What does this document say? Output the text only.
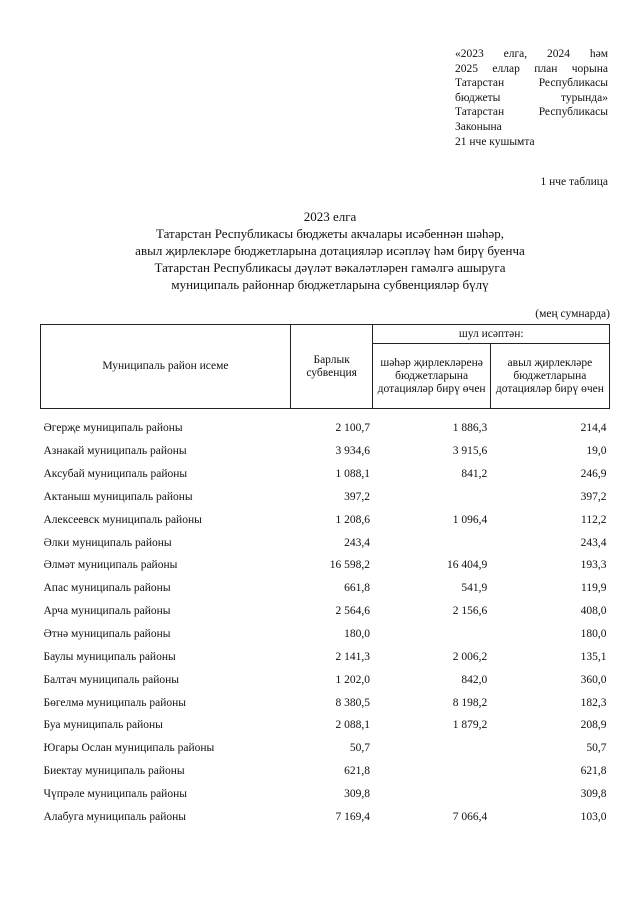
«2023 елга, 2024 һәм
2025 еллар план чорына
Татарстан Республикасы
бюджеты турында»
Татарстан Республикасы
Законына
21 нче кушымта
1 нче таблица
2023 елга
Татарстан Республикасы бюджеты акчалары исәбеннән шәһәр,
авыл җирлекләре бюджетларына дотацияләр исәпләү һәм бирү буенча
Татарстан Республикасы дәүләт вәкаләтләрен гамәлгә ашыруга
муниципаль районнар бюджетларына субвенцияләр бүлү
(мең сумнарда)
Муниципаль район исеме	Барлык субвенция	шул исәптән:	
		шәһәр җирлекләренә бюджетларына дотацияләр бирү өчен	авыл җирлекләре бюджетларына дотацияләр бирү өчен

Әгерҗе муниципаль районы	2 100,7	1 886,3	214,4
Азнакай муниципаль районы	3 934,6	3 915,6	19,0
Аксубай муниципаль районы	1 088,1	841,2	246,9
Актаныш муниципаль районы	397,2		397,2
Алексеевск муниципаль районы	1 208,6	1 096,4	112,2
Әлки муниципаль районы	243,4		243,4
Әлмәт муниципаль районы	16 598,2	16 404,9	193,3
Апас муниципаль районы	661,8	541,9	119,9
Арча муниципаль районы	2 564,6	2 156,6	408,0
Әтнә муниципаль районы	180,0		180,0
Баулы муниципаль районы	2 141,3	2 006,2	135,1
Балтач муниципаль районы	1 202,0	842,0	360,0
Бөгелмә муниципаль районы	8 380,5	8 198,2	182,3
Буа муниципаль районы	2 088,1	1 879,2	208,9
Югары Ослан муниципаль районы	50,7		50,7
Биектау муниципаль районы	621,8		621,8
Чүпрәле муниципаль районы	309,8		309,8
Алабуга муниципаль районы	7 169,4	7 066,4	103,0
